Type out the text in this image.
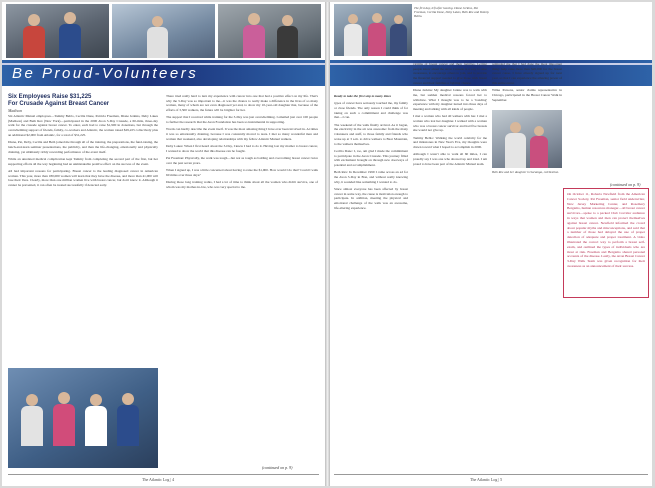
Be Proud-Volunteers
Six Employees Raise $31,225
For Crusade Against Breast Cancer
Madison

Six Atlantic Mutual employees—Tammy Beblo, Cecilia Dane, Patricia Freeman, Diane Jerkins, Deby Lakes (Madison) and Beth Rex (New York)—participated in the 2000 Avon 3-Day Crusade, a 60-mile, three-day walk for the crusade against breast cancer. To enter, each had to raise $1,900 in donations, but through the overwhelming support of friends, family, co-workers and Atlantic, the women raised $29,225 collectively plus an additional $2,000 from Atlantic, for a total of $31,225.

Diane, Pat, Deby, Cecilia and Beth joined me through all of the training, the preparations, the fund-raising, the lunch-and-learn seminar presentations, the publicity, and then the life-changing, emotionally and physically draining, yet ultimately richly rewarding performance of the event itself.

While an unrelated medical complication kept Tammy from completing the second part of the first, but her supporting efforts all the way beginning had an unmistakable positive effect on the success of the event.

All had important reasons for participating. Breast cancer is the leading diagnosed cancer in American women. This year, more than 180,000 women will learn that they have the disease, and more than 41,000 will lose their lives. Clearly, more than one million women live with breast cancer, but don't know it. Although it cannot be prevented, it can often be treated successfully if detected early.

There tried really hard to turn my experience with cancer into one that had a positive effect on my life. That's why the 3-Day was so important to me—it was the chance to really make a difference in the lives of so many women, many of whom are not even diagnosed yet and, to show my 10-year-old daughter that, because of the efforts of 3,500 walkers, the future will be brighter for her.

The support that I received while training for the 3-Day was just overwhelming. I emailed just over 100 people to further the research that the Avon Foundation has been so instrumental in supporting.

Words can hardly describe the event itself. It was the most amazing thing I have ever been involved in. At times it was so emotionally draining, because I was constantly moved to tears. I met so many wonderful men and women that weekend, also developing relationships with my fellow Atlantic Mutual walkers.

Deby Lakes: When I first heard about the 3-Day, I knew I had to do it. Having lost my mother to breast cancer, I wanted to show the world that this disease can be fought.

Pat Freeman: Physically, the walk was tough—but not as tough as battling and overcoming breast cancer twice over the past seven years.

When I signed up, I was a little concerned about having to raise the $1,900. How would I do that? Could I walk 60 miles over three days?

During those long training walks, I had a lot of time to think about all the women who didn't survive, one of whom was my mother-in-law, who was very special to me.

(continued on p. 9)
The Atlantic Log | 4
The first day, left after leaving. Diane Jerkins, Pat Freeman, Cecilia Dane, Deby Lakes, Beth Rex and Tammy Beblo.

Ready to take the first step to many times

types of cancer have seriously touched me, my family or close friends. The only reason I could think of for taking on such a commitment and challenge was that....I can.

The weekend of the walk finally arrived. As it began, the electricity in the air was awesome: from the many volunteers and staff, to those family and friends who woke up at 3 a.m. to drive walkers to Bear Mountain, to the walkers themselves.

Cecilia Dane: I, too, am glad I made the commitment to participate in the Avon Crusade. This journey filled with excitement brought on through new doorways of potential and accomplishment.

Beth Rex: In December 1999 I came across an ad for the Avon 3-Day in Bon, and without really knowing why, it sounded like something I wanted to do.

Since almost everyone has been affected by breast cancer in some way, the cause is motivation enough to participate. In addition, meeting the physical and emotional challenge of the walk was an awesome, life-altering experience.

victims of breast cancer and their families. Letting people know about the Avon Crusade is a way to raise awareness, to encourage others to join, and to provide the financial support needed to give those with breast cancer and their families a fighting chance.

Diane Jerkins: My daughter Janine was to walk with me, but sudden medical reasons forced her to withdraw. What I thought was to be a 'bonding' experience with my daughter turned into three days of meeting and talking with all kinds of people.

I met a woman who had 40 walkers with her. I met a woman who lost her daughter. I walked with a woman who was a breast cancer survivor and had five breasts she would not give up.

Tammy Beblo: Walking the world celebrity for me and milestones in New Year's Eve, my thoughts were drawn toward what I hoped to accomplish in 2000.

Although I wasn't able to walk all 60 miles, I can proudly say I was one who showed up and tried. I am proud to have been part of the Atlantic Mutual team.

reminded me that I had done the most important thing: help raise more than $20,000 for the breast cancer cause. I have already signed up for next year, so that I can experience the amazing power of this entire event.

Wilke Parsons, senior claims representative in Chicago, participated in the Breast Cancer Walk in September.

Beth Rex and her daughter in Saratoga, celebration.
(continued on p. 9)
On October 11, Roberta Newfield from the American Cancer Society, Pat Freeman, senior field underwriter, New Jersey Marketing Center, and Rosemary Bergamo, human resources manager—all breast cancer survivors—spoke to a packed Club Corridor audience in ways that women and men can protect themselves against breast cancer. Newfield informed the crowd about popular myths and misconceptions, and said that a number of those had delayed the use of proper detection of adequate and proper treatment. A video illustrated the correct way to perform a breast self-exam, and outlined the types of individuals who are most at risk. Freeman and Bergamo shared personal accounts of the disease. Lastly, the Avon Breast Cancer 3-Day Walk Team was given recognition for their awareness as an announcement of their success.
The Atlantic Log | 5
